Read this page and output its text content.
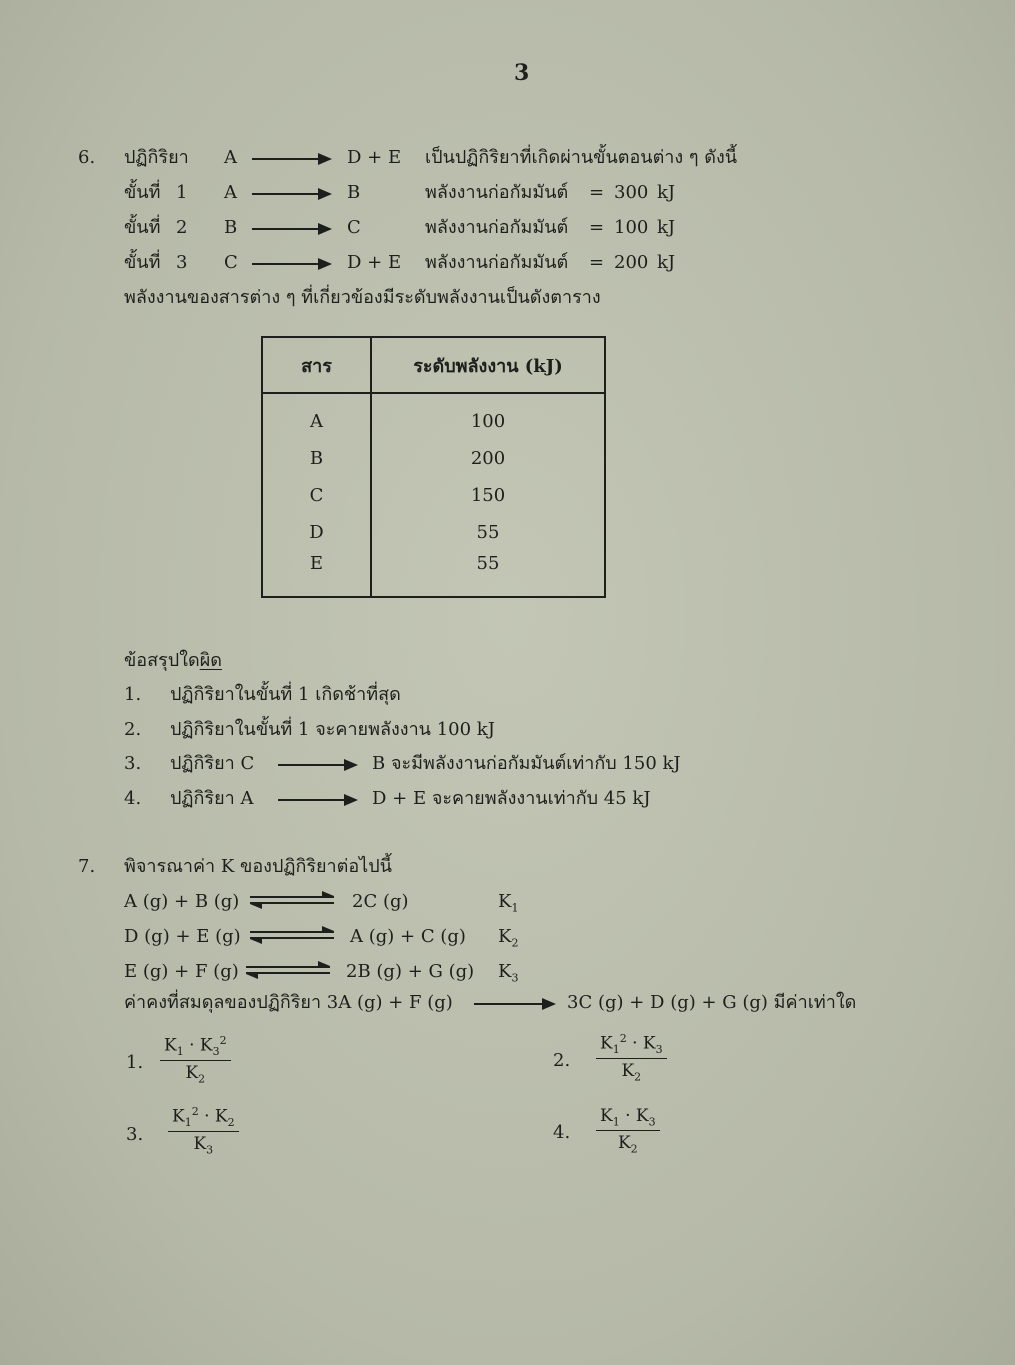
3
6. ปฏิกิริยา A	D + E เป็นปฏิกิริยาที่เกิดผ่านขั้นตอนต่าง ๆ ดังนี้
ขั้นที่ 1 A	B	พลังงานก่อกัมมันต์ = 300 kJ
ขั้นที่ 2 B	C	พลังงานก่อกัมมันต์ = 100 kJ
ขั้นที่ 3 C	D + E พลังงานก่อกัมมันต์ = 200 kJ
พลังงานของสารต่าง ๆ ที่เกี่ยวข้องมีระดับพลังงานเป็นดังตาราง
สาร	ระดับพลังงาน (kJ)
A	100
B	200
C	150
D	55
E	55
ข้อสรุปใดผิด
1. ปฏิกิริยาในขั้นที่ 1 เกิดช้าที่สุด
2. ปฏิกิริยาในขั้นที่ 1 จะคายพลังงาน 100 kJ
3. ปฏิกิริยา C	B จะมีพลังงานก่อกัมมันต์เท่ากับ 150 kJ
4. ปฏิกิริยา A	D + E จะคายพลังงานเท่ากับ 45 kJ
7. พิจารณาค่า K ของปฏิกิริยาต่อไปนี้
A (g) + B (g)	2C (g)	$K_1$
D (g) + E (g)	A (g) + C (g) $K_2$
E (g) + F (g)	2B (g) + G (g) $K_3$
ค่าคงที่สมดุลของปฏิกิริยา 3A (g) + F (g)	3C (g) + D (g) + G (g) มีค่าเท่าใด
1. $\frac{K_1 \cdot K_3^2}{K_2}$	2. $\frac{K_1^2 \cdot K_3}{K_2}$
3. $\frac{K_1^2 \cdot K_2}{K_3}$	4. $\frac{K_1 \cdot K_3}{K_2}$
